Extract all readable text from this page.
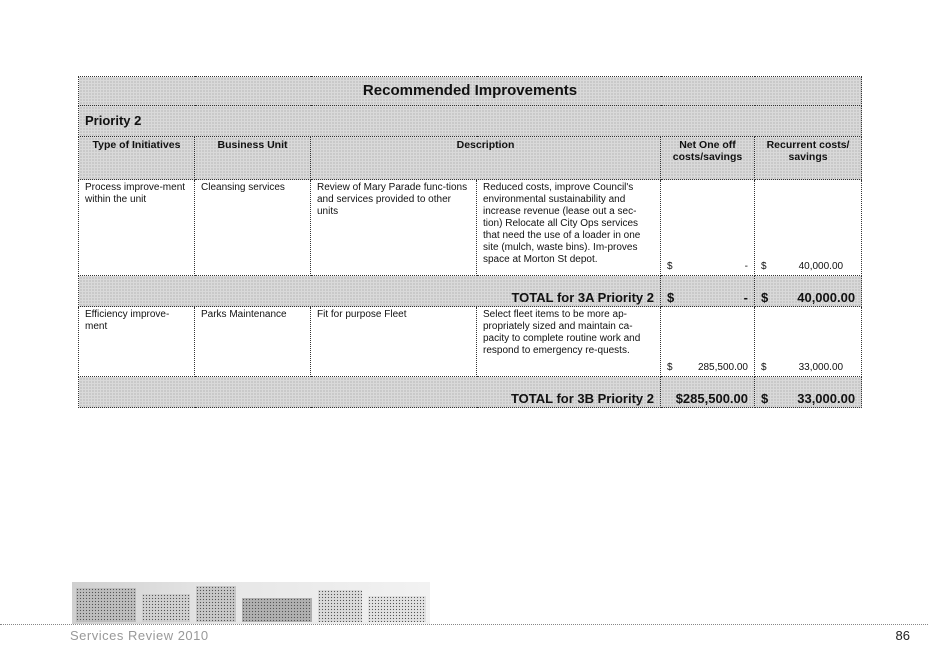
Recommended Improvements					
Priority 2					
Type of Initiatives	Business Unit	Description		Net One off costs/savings	Recurrent costs/ savings
Process improve-ment within the unit	Cleansing services	Review of Mary Parade func-tions and services provided to other units	Reduced costs, improve Council's environmental sustainability and increase revenue (lease out a sec-tion) Relocate all City Ops services that need the use of a loader in one site (mulch, waste bins). Im-proves space at Morton St depot.	$ -	$ 40,000.00

TOTAL for 3A Priority 2				$ -	$ 40,000.00

Efficiency improve-ment	Parks Maintenance	Fit for purpose Fleet	Select fleet items to be more ap-propriately sized and maintain ca-pacity to complete routine work and respond to emergency re-quests.	$ 285,500.00	$ 33,000.00

TOTAL for 3B Priority 2				$285,500.00	$ 33,000.00
Services Review 2010	86
